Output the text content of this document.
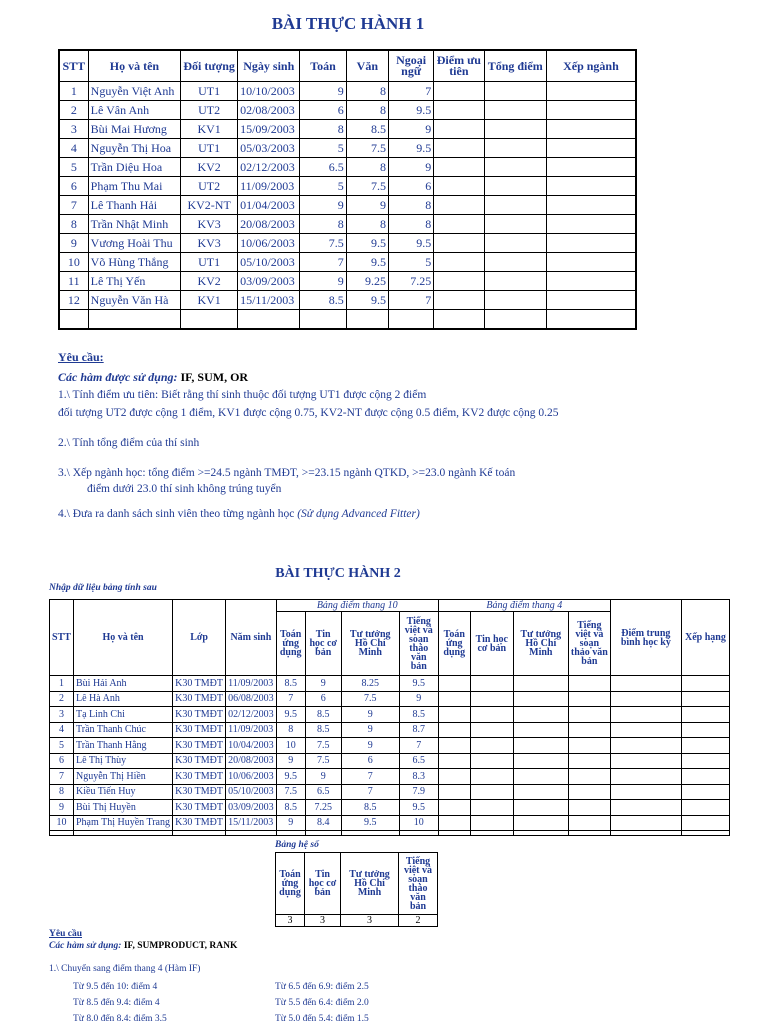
BÀI THỰC HÀNH 1
STT	Họ và tên	Đối tượng	Ngày sinh	Toán	Văn	Ngoại ngữ	Điểm ưu tiên	Tổng điểm	Xếp ngành
1	Nguyễn Việt Anh	UT1	10/10/2003	9	8	7			
2	Lê Vân Anh	UT2	02/08/2003	6	8	9.5			
3	Bùi Mai Hương	KV1	15/09/2003	8	8.5	9			
4	Nguyễn Thị Hoa	UT1	05/03/2003	5	7.5	9.5			
5	Trần Diệu Hoa	KV2	02/12/2003	6.5	8	9			
6	Phạm Thu Mai	UT2	11/09/2003	5	7.5	6			
7	Lê Thanh Hải	KV2-NT	01/04/2003	9	9	8			
8	Trần Nhật Minh	KV3	20/08/2003	8	8	8			
9	Vương Hoài Thu	KV3	10/06/2003	7.5	9.5	9.5			
10	Võ Hùng Thắng	UT1	05/10/2003	7	9.5	5			
11	Lê Thị Yến	KV2	03/09/2003	9	9.25	7.25			
12	Nguyễn Văn Hà	KV1	15/11/2003	8.5	9.5	7			

Yêu cầu:
Các hàm được sử dụng: IF, SUM, OR
1.\ Tính điểm ưu tiên: Biết rằng thí sinh thuộc đối tượng UT1 được cộng 2 điểm
đối tượng UT2 được cộng 1 điểm, KV1 được cộng 0.75, KV2-NT được cộng 0.5 điểm, KV2 được cộng 0.25
2.\ Tính tổng điểm của thí sinh
3.\ Xếp ngành học: tổng điểm >=24.5 ngành TMĐT, >=23.15 ngành QTKD, >=23.0 ngành Kế toán
điểm dưới 23.0 thí sinh không trúng tuyển
4.\ Đưa ra danh sách sinh viên theo từng ngành học (Sử dụng Advanced Fitter)
BÀI THỰC HÀNH 2
Nhập dữ liệu bảng tính sau
STT	Họ và tên	Lớp	Năm sinh	Bảng điểm thang 10				Bảng điểm thang 4				Điểm trung bình học kỳ	Xếp hạng
				Toán ứng dụng	Tin học cơ bản	Tư tưởng Hồ Chí Minh	Tiếng việt và soạn thảo văn bản	Toán ứng dụng	Tin học cơ bản	Tư tưởng Hồ Chí Minh	Tiếng việt và soạn thảo văn bản		
1	Bùi Hải Anh	K30 TMĐT	11/09/2003	8.5	9	8.25	9.5						
2	Lê Hà Anh	K30 TMĐT	06/08/2003	7	6	7.5	9						
3	Tạ Linh Chi	K30 TMĐT	02/12/2003	9.5	8.5	9	8.5						
4	Trần Thanh Chúc	K30 TMĐT	11/09/2003	8	8.5	9	8.7						
5	Trần Thanh Hằng	K30 TMĐT	10/04/2003	10	7.5	9	7						
6	Lê Thị Thùy	K30 TMĐT	20/08/2003	9	7.5	6	6.5						
7	Nguyễn Thị Hiền	K30 TMĐT	10/06/2003	9.5	9	7	8.3						
8	Kiều Tiến Huy	K30 TMĐT	05/10/2003	7.5	6.5	7	7.9						
9	Bùi Thị Huyền	K30 TMĐT	03/09/2003	8.5	7.25	8.5	9.5						
10	Phạm Thị Huyền Trang	K30 TMĐT	15/11/2003	9	8.4	9.5	10						

Bảng hệ số
Toán ứng dụng	Tin học cơ bản	Tư tưởng Hồ Chí Minh	Tiếng việt và soạn thảo văn bản
3	3	3	2
Yêu cầu
Các hàm sử dụng: IF, SUMPRODUCT, RANK
1.\ Chuyển sang điểm thang 4 (Hàm IF)
Từ 9.5 đến 10: điểm 4
Từ 8.5 đến 9.4: điểm 4
Từ 8.0 đến 8.4: điểm 3.5
Từ 6.5 đến 6.9: điểm 2.5
Từ 5.5 đến 6.4: điểm 2.0
Từ 5.0 đến 5.4: điểm 1.5
